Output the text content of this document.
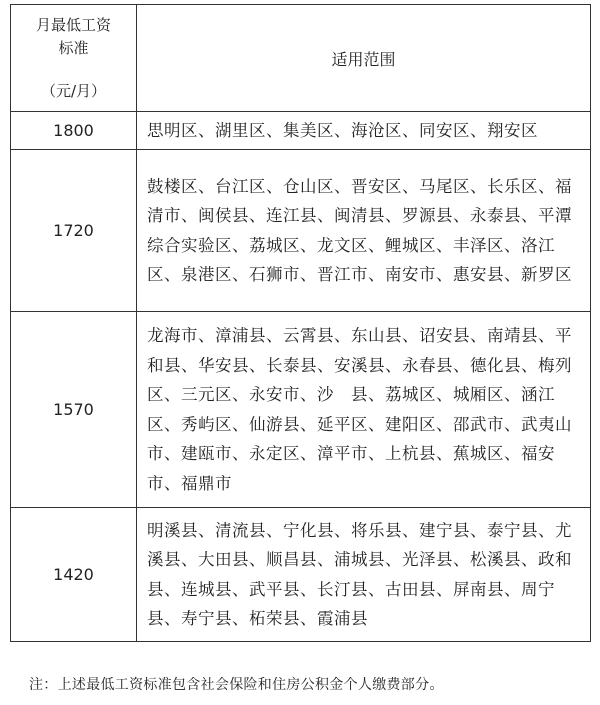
月最低工资
标准
（元/月）	适用范围
1800	思明区、湖里区、集美区、海沧区、同安区、翔安区
1720	鼓楼区、台江区、仓山区、晋安区、马尾区、长乐区、福清市、闽侯县、连江县、闽清县、罗源县、永泰县、平潭综合实验区、荔城区、龙文区、鲤城区、丰泽区、洛江区、泉港区、石狮市、晋江市、南安市、惠安县、新罗区
1570	龙海市、漳浦县、云霄县、东山县、诏安县、南靖县、平和县、华安县、长泰县、安溪县、永春县、德化县、梅列区、三元区、永安市、沙　县、荔城区、城厢区、涵江区、秀屿区、仙游县、延平区、建阳区、邵武市、武夷山市、建瓯市、永定区、漳平市、上杭县、蕉城区、福安市、福鼎市
1420	明溪县、清流县、宁化县、将乐县、建宁县、泰宁县、尤溪县、大田县、顺昌县、浦城县、光泽县、松溪县、政和县、连城县、武平县、长汀县、古田县、屏南县、周宁县、寿宁县、柘荣县、霞浦县
注：上述最低工资标准包含社会保险和住房公积金个人缴费部分。
